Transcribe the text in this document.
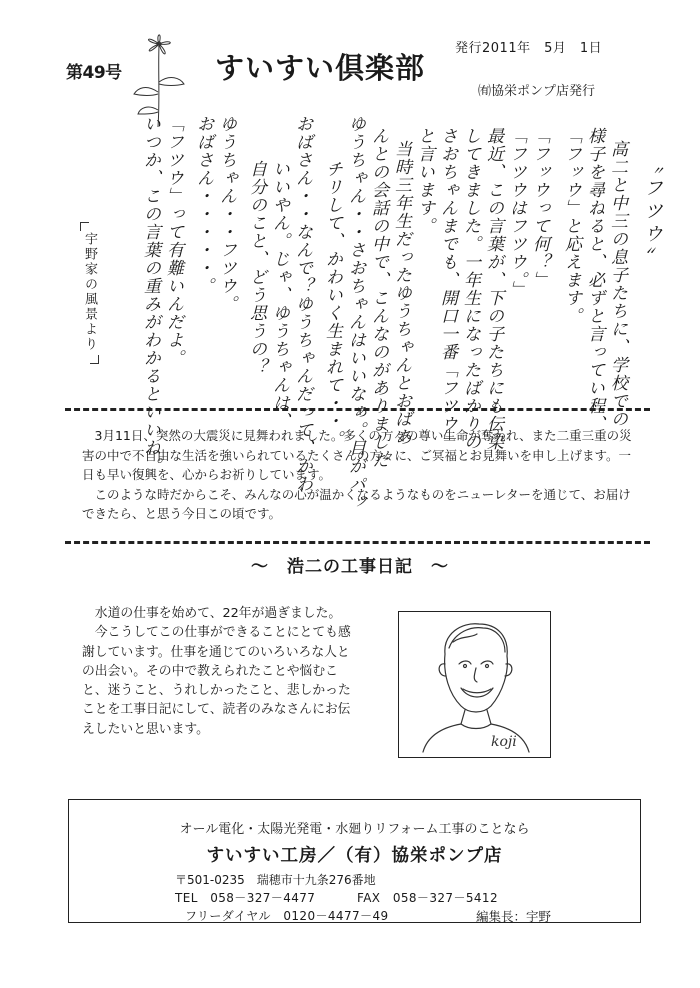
第49号	すいすい倶楽部
発行2011年　5月　1日
㈲協栄ポンプ店発行
〝フツウ〟
高二と中三の息子たちに、学校での
様子を尋ねると、必ずと言ってい程、
「フッウ」と応えます。
「フッウって何？」
「フツウはフツウ。」
最近、この言葉が、下の子たちにも伝染
してきました。一年生になったばかりの
さおちゃんまでも、開口一番「フツウ」
と言います。
当時三年生だったゆうちゃんとおばあ
んとの会話の中で、こんなのがありました
ゆうちゃん・・さおちゃんはいいなぁ。目がパッ
チリして、かわいく生まれて・・。
おばさん・・なんで？ゆうちゃんだって、かわ
いいやん。じゃ、ゆうちゃんは、
自分のこと、どう思うの？
ゆうちゃん・・フツウ。
おばさん・・・・・。
「フツウ」って有難いんだよ。
いつか、この言葉の重みがわかるといいね。
宇野家の風景より

3月11日、突然の大震災に見舞われました。多くの方々の尊い生命が奪われ、また二重三重の災害の中で不自由な生活を強いられているたくさんの方々に、ご冥福とお見舞いを申し上げます。一日も早い復興を、心からお祈りしています。

このような時だからこそ、みんなの心が温かくなるようなものをニューレターを通じて、お届けできたら、と思う今日この頃です。

～　浩二の工事日記　～

水道の仕事を始めて、22年が過ぎました。

今こうしてこの仕事ができることにとても感謝しています。仕事を通じてのいろいろな人との出会い。その中で教えられたことや悩むこと、迷うこと、うれしかったこと、悲しかったことを工事日記にして、読者のみなさんにお伝えしたいと思います。

koji
オール電化・太陽光発電・水廻りリフォーム工事のことなら
すいすい工房／（有）協栄ポンプ店
〒501-0235　瑞穂市十九条276番地
TEL　058－327－4477	FAX　058－327－5412
フリーダイヤル　0120－4477－49	編集長：宇野
